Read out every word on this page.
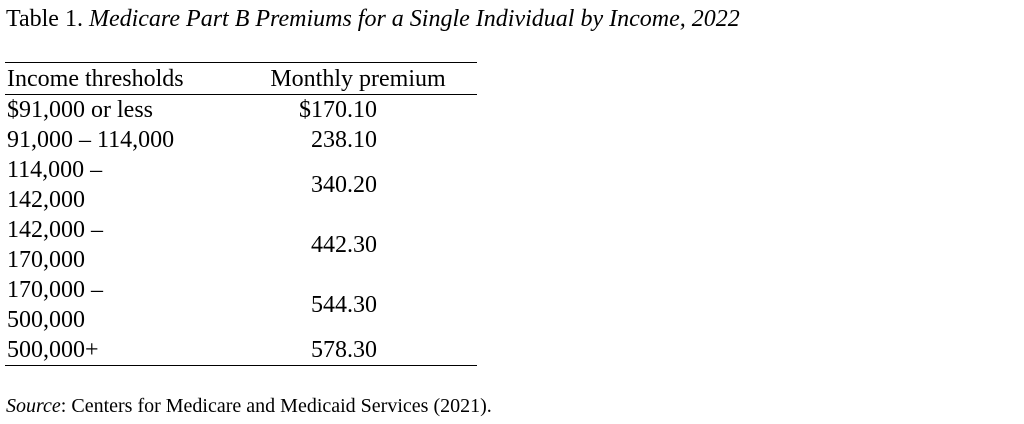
Table 1. Medicare Part B Premiums for a Single Individual by Income, 2022
Income thresholds	Monthly premium
$91,000 or less	$170.10
91,000 – 114,000	238.10
114,000 – 142,000	340.20
142,000 – 170,000	442.30
170,000 – 500,000	544.30
500,000+	578.30
Source: Centers for Medicare and Medicaid Services (2021).
